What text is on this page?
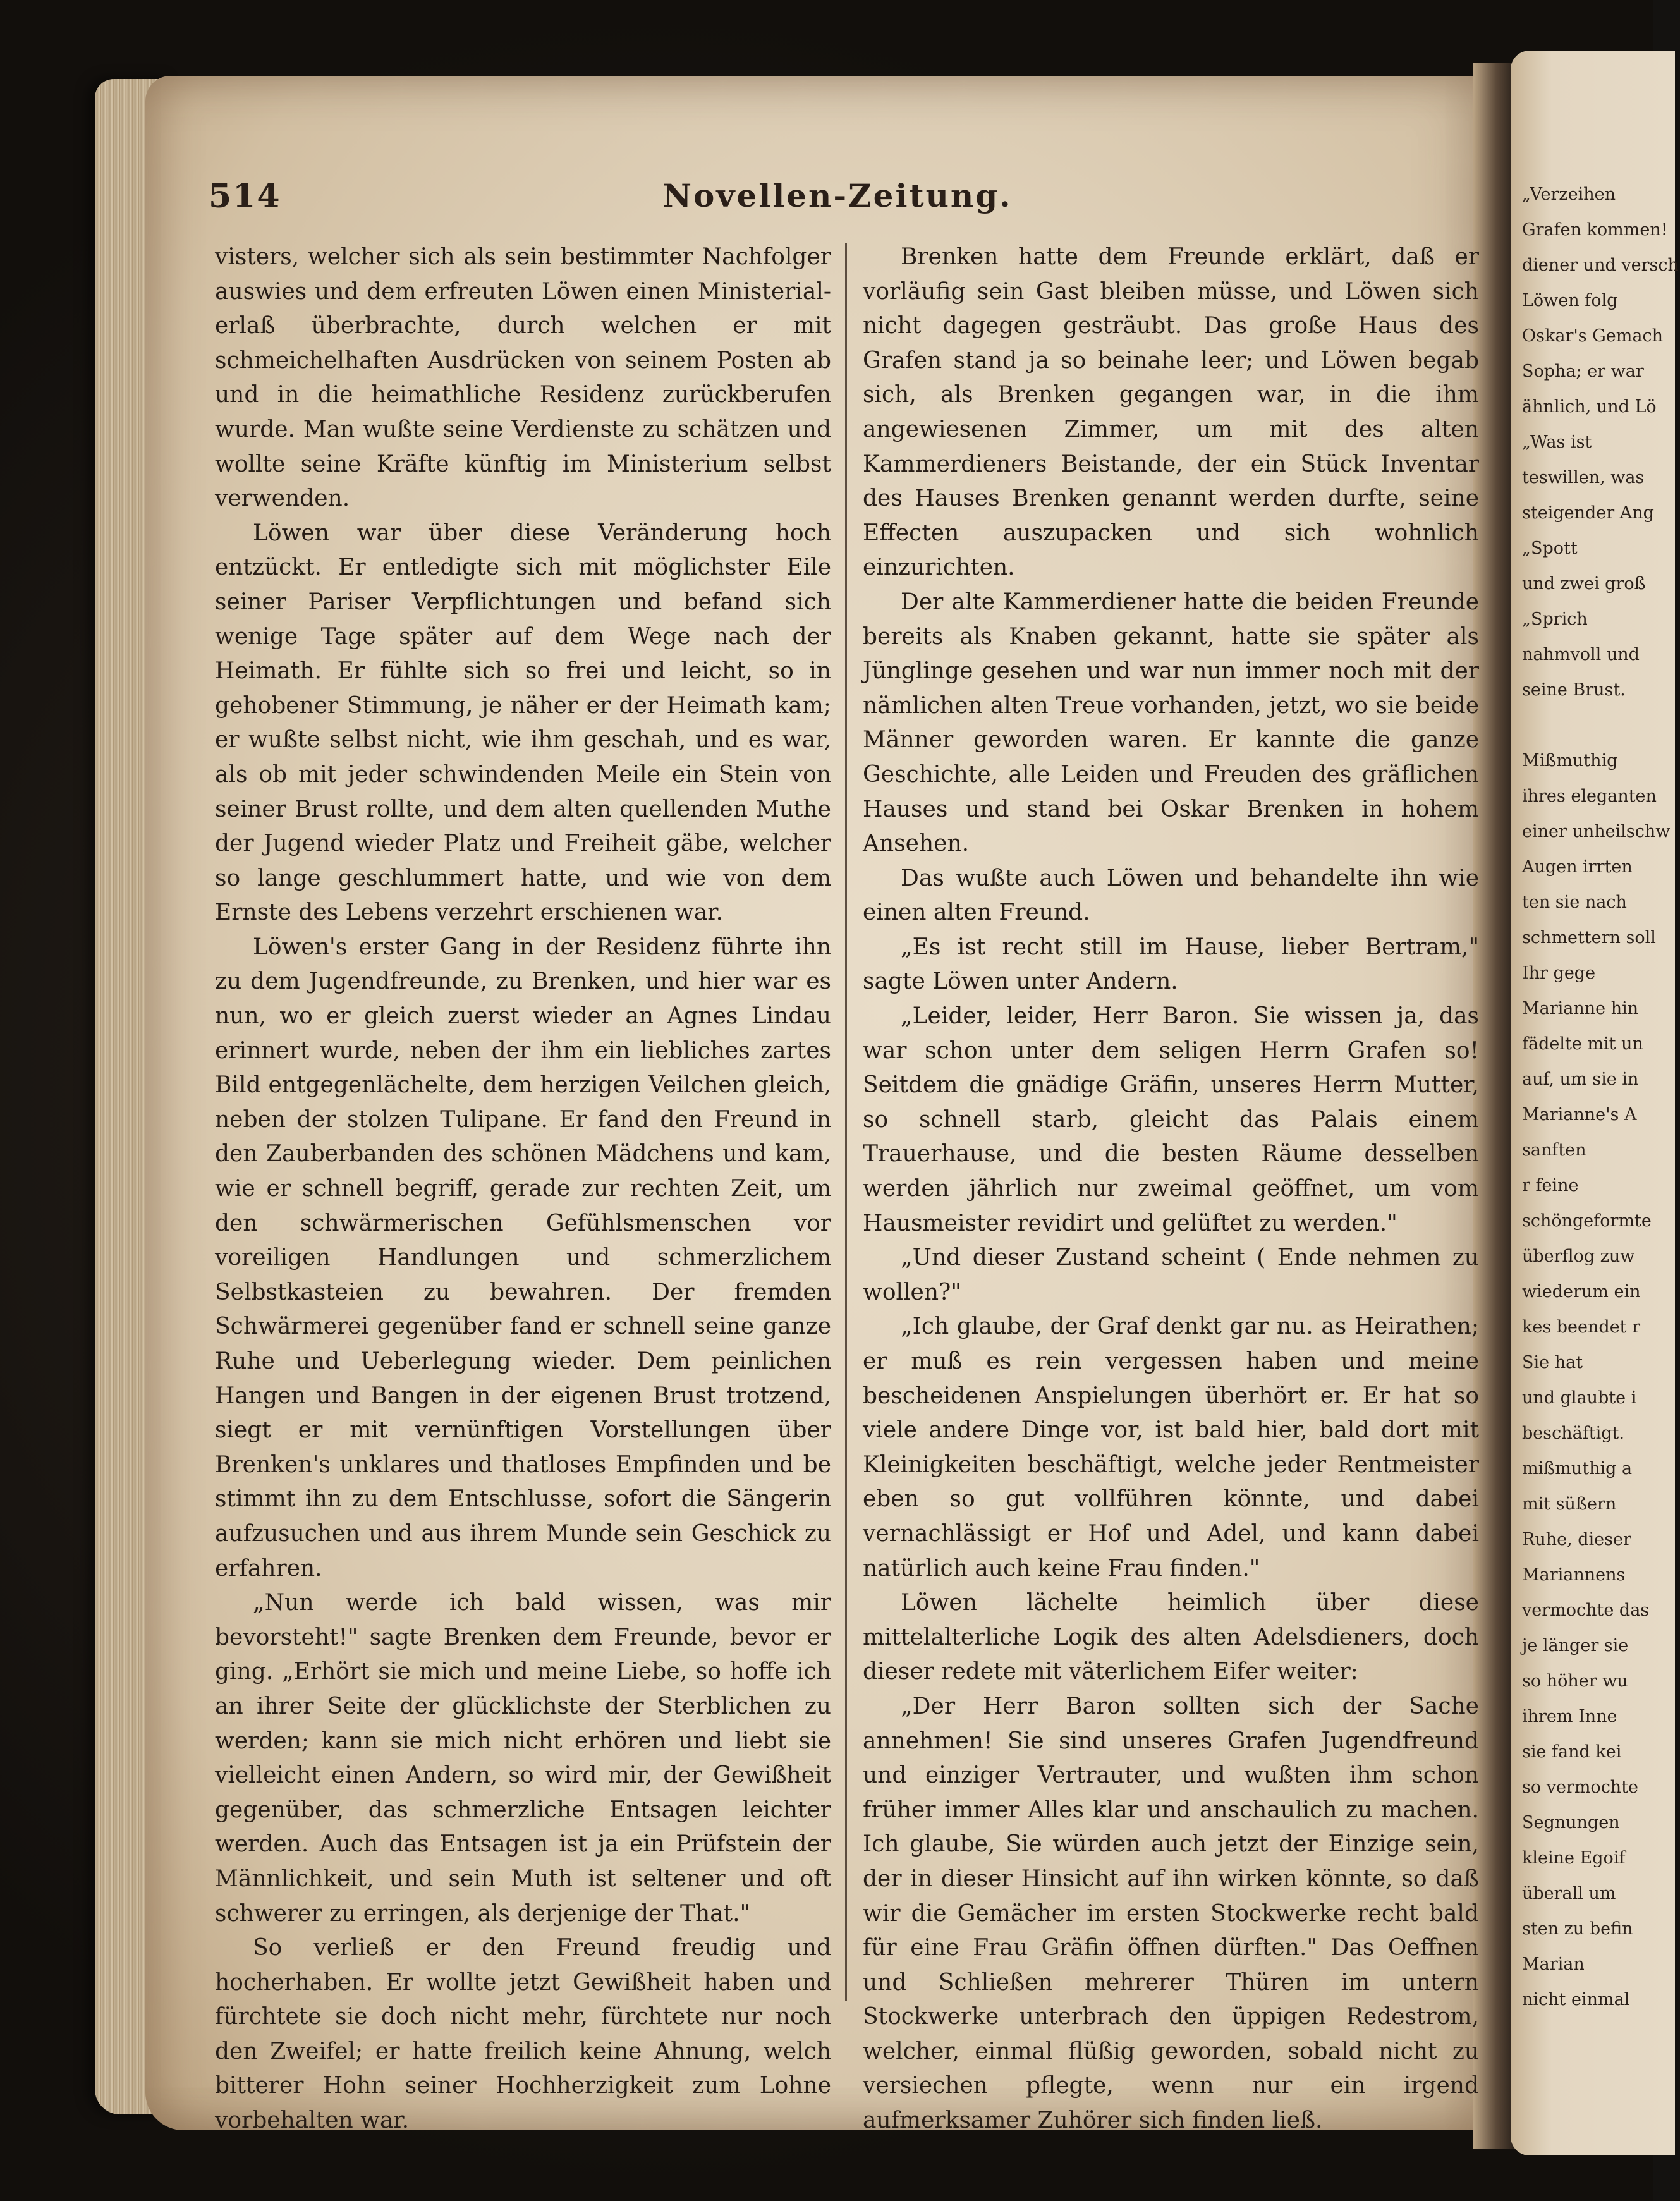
„Verzeihen
Grafen kommen!
diener und versch
Löwen folg
Oskar's Gemach
Sopha; er war
ähnlich, und Lö
„Was ist
teswillen, was
steigender Ang
„Spott
und zwei groß
„Sprich
nahmvoll und
seine Brust.
Mißmuthig
ihres eleganten
einer unheilschw
Augen irrten
ten sie nach
schmettern soll
Ihr gege
Marianne hin
fädelte mit un
auf, um sie in
Marianne's A
sanften
r feine
schöngeformte
überflog zuw
wiederum ein
kes beendet r
Sie hat
und glaubte i
beschäftigt.
mißmuthig a
mit süßern
Ruhe, dieser
Mariannens
vermochte das
je länger sie
so höher wu
ihrem Inne
sie fand kei
so vermochte
Segnungen
kleine Egoif
überall um
sten zu befin
Marian
nicht einmal
514	Novellen-Zeitung.

visters, welcher sich als sein bestimmter Nachfolger auswies und dem erfreuten Löwen einen Ministerial-erlaß überbrachte, durch welchen er mit schmeichelhaften Ausdrücken von seinem Posten ab und in die heimathliche Residenz zurückberufen wurde. Man wußte seine Verdienste zu schätzen und wollte seine Kräfte künftig im Ministerium selbst verwenden.

Löwen war über diese Veränderung hoch entzückt. Er entledigte sich mit möglichster Eile seiner Pariser Verpflichtungen und befand sich wenige Tage später auf dem Wege nach der Heimath. Er fühlte sich so frei und leicht, so in gehobener Stimmung, je näher er der Heimath kam; er wußte selbst nicht, wie ihm geschah, und es war, als ob mit jeder schwindenden Meile ein Stein von seiner Brust rollte, und dem alten quellenden Muthe der Jugend wieder Platz und Freiheit gäbe, welcher so lange geschlummert hatte, und wie von dem Ernste des Lebens verzehrt erschienen war.

Löwen's erster Gang in der Residenz führte ihn zu dem Jugendfreunde, zu Brenken, und hier war es nun, wo er gleich zuerst wieder an Agnes Lindau erinnert wurde, neben der ihm ein liebliches zartes Bild entgegenlächelte, dem herzigen Veilchen gleich, neben der stolzen Tulipane. Er fand den Freund in den Zauberbanden des schönen Mädchens und kam, wie er schnell begriff, gerade zur rechten Zeit, um den schwärmerischen Gefühlsmenschen vor voreiligen Handlungen und schmerzlichem Selbstkasteien zu bewahren. Der fremden Schwärmerei gegenüber fand er schnell seine ganze Ruhe und Ueberlegung wieder. Dem peinlichen Hangen und Bangen in der eigenen Brust trotzend, siegt er mit vernünftigen Vorstellungen über Brenken's unklares und thatloses Empfinden und be stimmt ihn zu dem Entschlusse, sofort die Sängerin aufzusuchen und aus ihrem Munde sein Geschick zu erfahren.

„Nun werde ich bald wissen, was mir bevorsteht!" sagte Brenken dem Freunde, bevor er ging. „Erhört sie mich und meine Liebe, so hoffe ich an ihrer Seite der glücklichste der Sterblichen zu werden; kann sie mich nicht erhören und liebt sie vielleicht einen Andern, so wird mir, der Gewißheit gegenüber, das schmerzliche Entsagen leichter werden. Auch das Entsagen ist ja ein Prüfstein der Männlichkeit, und sein Muth ist seltener und oft schwerer zu erringen, als derjenige der That."

So verließ er den Freund freudig und hocherhaben. Er wollte jetzt Gewißheit haben und fürchtete sie doch nicht mehr, fürchtete nur noch den Zweifel; er hatte freilich keine Ahnung, welch bitterer Hohn seiner Hochherzigkeit zum Lohne vorbehalten war.

Brenken hatte dem Freunde erklärt, daß er vorläufig sein Gast bleiben müsse, und Löwen sich nicht dagegen gesträubt. Das große Haus des Grafen stand ja so beinahe leer; und Löwen begab sich, als Brenken gegangen war, in die ihm angewiesenen Zimmer, um mit des alten Kammerdieners Beistande, der ein Stück Inventar des Hauses Brenken genannt werden durfte, seine Effecten auszupacken und sich wohnlich einzurichten.

Der alte Kammerdiener hatte die beiden Freunde bereits als Knaben gekannt, hatte sie später als Jünglinge gesehen und war nun immer noch mit der nämlichen alten Treue vorhanden, jetzt, wo sie beide Männer geworden waren. Er kannte die ganze Geschichte, alle Leiden und Freuden des gräflichen Hauses und stand bei Oskar Brenken in hohem Ansehen.

Das wußte auch Löwen und behandelte ihn wie einen alten Freund.

„Es ist recht still im Hause, lieber Bertram," sagte Löwen unter Andern.

„Leider, leider, Herr Baron. Sie wissen ja, das war schon unter dem seligen Herrn Grafen so! Seitdem die gnädige Gräfin, unseres Herrn Mutter, so schnell starb, gleicht das Palais einem Trauerhause, und die besten Räume desselben werden jährlich nur zweimal geöffnet, um vom Hausmeister revidirt und gelüftet zu werden."

„Und dieser Zustand scheint ( Ende nehmen zu wollen?"

„Ich glaube, der Graf denkt gar nu. as Heirathen; er muß es rein vergessen haben und meine bescheidenen Anspielungen überhört er. Er hat so viele andere Dinge vor, ist bald hier, bald dort mit Kleinigkeiten beschäftigt, welche jeder Rentmeister eben so gut vollführen könnte, und dabei vernachlässigt er Hof und Adel, und kann dabei natürlich auch keine Frau finden."

Löwen lächelte heimlich über diese mittelalterliche Logik des alten Adelsdieners, doch dieser redete mit väterlichem Eifer weiter:

„Der Herr Baron sollten sich der Sache annehmen! Sie sind unseres Grafen Jugendfreund und einziger Vertrauter, und wußten ihm schon früher immer Alles klar und anschaulich zu machen. Ich glaube, Sie würden auch jetzt der Einzige sein, der in dieser Hinsicht auf ihn wirken könnte, so daß wir die Gemächer im ersten Stockwerke recht bald für eine Frau Gräfin öffnen dürften." Das Oeffnen und Schließen mehrerer Thüren im untern Stockwerke unterbrach den üppigen Redestrom, welcher, einmal flüßig geworden, sobald nicht zu versiechen pflegte, wenn nur ein irgend aufmerksamer Zuhörer sich finden ließ.
